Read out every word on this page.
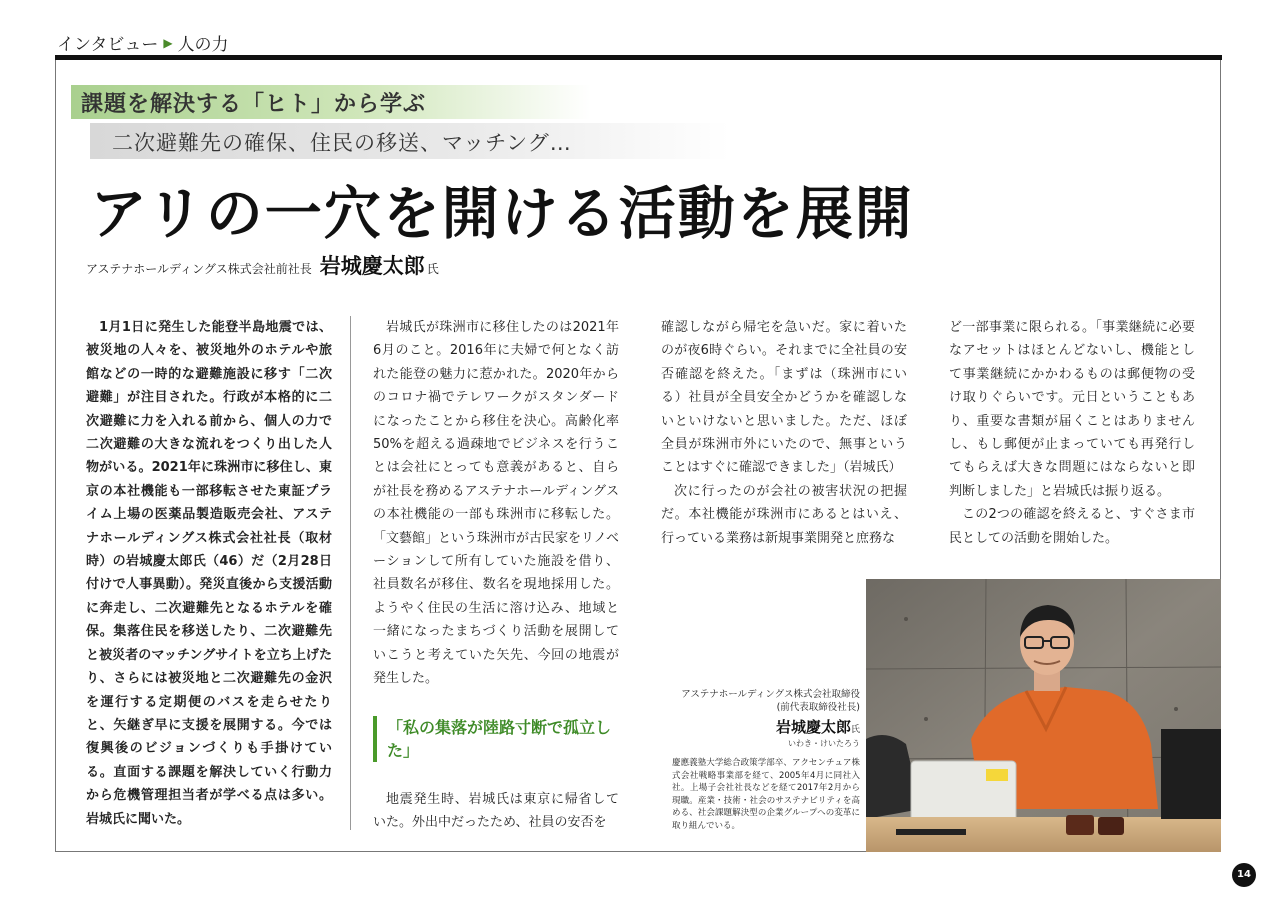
インタビュー ▶ 人の力
課題を解決する「ヒト」から学ぶ
二次避難先の確保、住民の移送、マッチング…
アリの一穴を開ける活動を展開
アステナホールディングス株式会社前社長 岩城慶太郎 氏

1月1日に発生した能登半島地震では、被災地の人々を、被災地外のホテルや旅館などの一時的な避難施設に移す「二次避難」が注目された。行政が本格的に二次避難に力を入れる前から、個人の力で二次避難の大きな流れをつくり出した人物がいる。2021年に珠洲市に移住し、東京の本社機能も一部移転させた東証プライム上場の医薬品製造販売会社、アステナホールディングス株式会社社長（取材時）の岩城慶太郎氏（46）だ（2月28日付けで人事異動）。発災直後から支援活動に奔走し、二次避難先となるホテルを確保。集落住民を移送したり、二次避難先と被災者のマッチングサイトを立ち上げたり、さらには被災地と二次避難先の金沢を運行する定期便のバスを走らせたりと、矢継ぎ早に支援を展開する。今では復興後のビジョンづくりも手掛けている。直面する課題を解決していく行動力から危機管理担当者が学べる点は多い。岩城氏に聞いた。

岩城氏が珠洲市に移住したのは2021年6月のこと。2016年に夫婦で何となく訪れた能登の魅力に惹かれた。2020年からのコロナ禍でテレワークがスタンダードになったことから移住を決心。高齢化率50%を超える過疎地でビジネスを行うことは会社にとっても意義があると、自らが社長を務めるアステナホールディングスの本社機能の一部も珠洲市に移転した。「文藝館」という珠洲市が古民家をリノベーションして所有していた施設を借り、社員数名が移住、数名を現地採用した。ようやく住民の生活に溶け込み、地域と一緒になったまちづくり活動を展開していこうと考えていた矢先、今回の地震が発生した。

「私の集落が陸路寸断で孤立した」

地震発生時、岩城氏は東京に帰省していた。外出中だったため、社員の安否を

確認しながら帰宅を急いだ。家に着いたのが夜6時ぐらい。それまでに全社員の安否確認を終えた。「まずは（珠洲市にいる）社員が全員安全かどうかを確認しないといけないと思いました。ただ、ほぼ全員が珠洲市外にいたので、無事ということはすぐに確認できました」（岩城氏）

次に行ったのが会社の被害状況の把握だ。本社機能が珠洲市にあるとはいえ、行っている業務は新規事業開発と庶務な

ど一部事業に限られる。「事業継続に必要なアセットはほとんどないし、機能として事業継続にかかわるものは郵便物の受け取りぐらいです。元日ということもあり、重要な書類が届くことはありませんし、もし郵便が止まっていても再発行してもらえば大きな問題にはならないと即判断しました」と岩城氏は振り返る。

この2つの確認を終えると、すぐさま市民としての活動を開始した。

アステナホールディングス株式会社取締役
(前代表取締役社長)
岩城慶太郎氏
いわき・けいたろう
慶應義塾大学総合政策学部卒、アクセンチュア株式会社戦略事業部を経て、2005年4月に同社入社。上場子会社社長などを経て2017年2月から現職。産業・技術・社会のサステナビリティを高める、社会課題解決型の企業グループへの変革に取り組んでいる。
14
